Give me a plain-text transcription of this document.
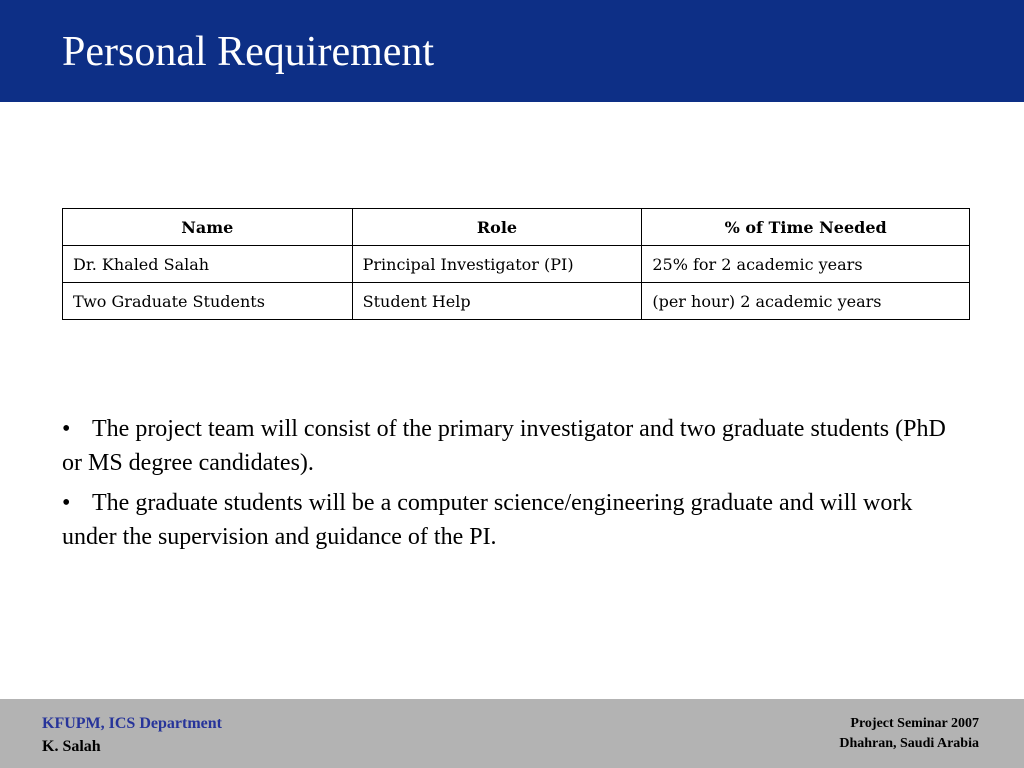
Personal Requirement
Name	Role	% of Time Needed
Dr. Khaled Salah	Principal Investigator (PI)	25% for 2 academic years
Two Graduate Students	Student Help	(per hour) 2 academic years
• The project team will consist of the primary investigator and two graduate students (PhD or MS degree candidates).
• The graduate students will be a computer science/engineering graduate and will work under the supervision and guidance of the PI.
KFUPM, ICS Department
K. Salah
Project Seminar 2007
Dhahran, Saudi Arabia
